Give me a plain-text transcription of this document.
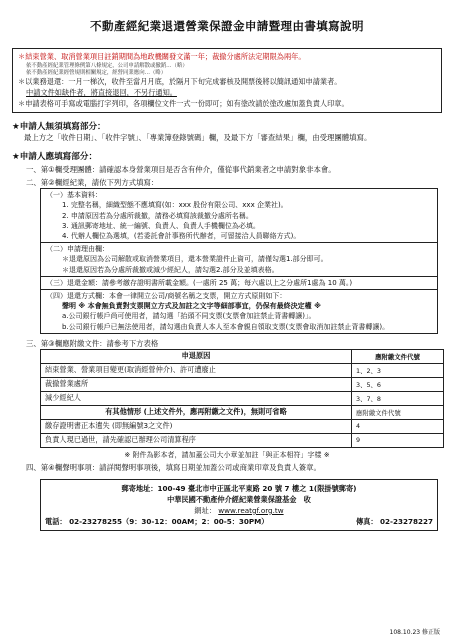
不動產經紀業退還營業保證金申請暨理由書填寫說明
＊結束營業、取消營業項目註銷期間為地政機關發文滿一年；裁撤分處所法定期限為兩年。
依不動產經紀業管理條例第八條規定，公司申請解散或撤銷…（略）
依不動產經紀業經營規則相關規定，經營同業應向…（略）
＊以業務退還：一月一梯次，收件至當月月底，於隔月下旬完成審核及開票後將以簡訊通知申請業者。
中請文件如缺件者，將直接退回，不另行通知。
＊申請表格可手寫或電腦打字列印，各項欄位文件一式一份即可；如有塗改請於塗改處加蓋負責人印章。
★申請人無須填寫部分：
最上方之「收件日期」、「收件字號」、「專業簿登錄號碼」欄，及最下方「審查結果」欄，由受理團體填寫。
★申請人應填寫部分：
一、第①欄受理團體：請確認本身營業項目是否含有仲介，僅從事代銷業者之申請對象非本會。
二、第②欄經紀業，請依下列方式填寫：
（一）基本資料：
1. 完整名稱，細織型態不應填寫(如：xxx 股份有限公司、xxx 企業社)。
2. 申請原因若為分處所裁撤，請務必填寫該裁撤分處所名稱。
3. 通訊郵寄地址、統一編號、負責人、負責人手機欄位為必填。
4. 代辦人欄位為選填，(若委託會計事務所代辦者，可留接洽人員聯絡方式)。
（二）申請理由欄：
＊退還原因為公司解散或取消營業項目，還本營業證件止資可，請僅勾選1.部分即可。
＊退還原因若為分處所裁撤或減少經紀人，請勾選2.部分及並填表格。
（三）退還金額：請參考繳存證明書所載金額。(一處所 25 萬；每六處以上之分處所1處為 10 萬。)
（四）退還方式欄：本會一律開立公司/商號名稱之支票，開立方式原則如下：
聲明 ※ 本會無負責對支票開立方式及加註之文字等細部事宜，仍保有最終決定權 ※
a.公司銀行帳戶尚可使用者，請勾選「抬頭不同支票(支票會加註禁止背書轉讓)」。
b.公司銀行帳戶已無法使用者，請勾選由負責人本人至本會親自領取支票(支票會取消加註禁止背書轉讓)。
三、第③欄應附繳文件：請參考下方表格
申退原因	應附繳文件代號
結束營業、營業項目變更(取消經營仲介)、許可遭廢止	1、2、3
裁撤營業處所	3、5、6
減少經紀人	3、7、8
有其他情形 (上述文件外，應再附繳之文件)，無則可省略	應附繳文件代號
繳存證明書正本遺失 (即無編號3之文件)	4
負責人現已過世，請先確認已辦理公司清算程序	9
※ 附件為影本者，請加蓋公司大小章並加註「與正本相符」字樣 ※
四、第④欄聲明事項：請詳閱聲明事項後，填寫日期並加蓋公司或商業印章及負責人簽章。
郵寄地址：100-49 臺北市中正區北平東路 20 號 7 樓之 1(限掛號郵寄)
中華民國不動產仲介經紀業營業保證基金　收
網址： www.reatgf.org.tw
電話： 02-23278255（9：30-12：00AM；2：00-5：30PM）	傳真： 02-23278227
108.10.23 修正版
